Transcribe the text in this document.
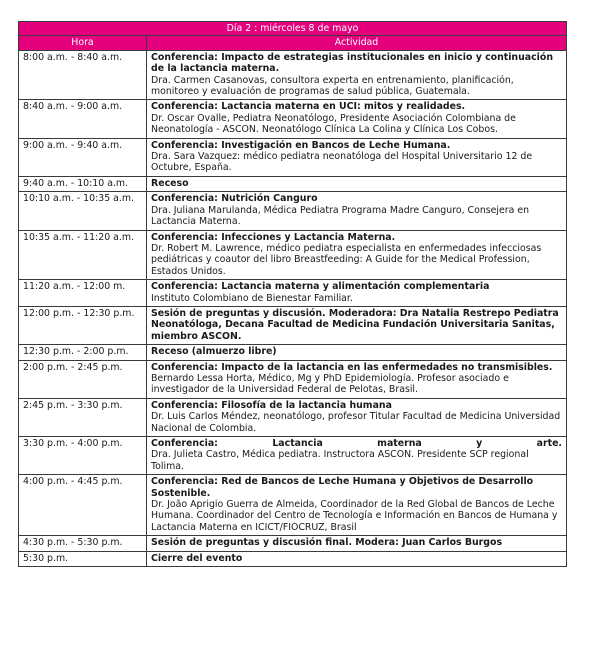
Día 2 : miércoles 8 de mayo	
Hora	Actividad
8:00 a.m. - 8:40 a.m.	Conferencia: Impacto de estrategias institucionales en inicio y continuación de la lactancia materna.
Dra. Carmen Casanovas, consultora experta en entrenamiento, planificación, monitoreo y evaluación de programas de salud pública, Guatemala.

8:40 a.m. - 9:00 a.m.	Conferencia: Lactancia materna en UCI: mitos y realidades.
Dr. Oscar Ovalle, Pediatra Neonatólogo, Presidente Asociación Colombiana de Neonatología - ASCON. Neonatólogo Clínica La Colina y Clínica Los Cobos.

9:00 a.m. - 9:40 a.m.	Conferencia: Investigación en Bancos de Leche Humana.
Dra. Sara Vazquez: médico pediatra neonatóloga del Hospital Universitario 12 de Octubre, España.

9:40 a.m. - 10:10 a.m.	Receso
10:10 a.m. - 10:35 a.m.	Conferencia: Nutrición Canguro
Dra. Juliana Marulanda, Médica Pediatra Programa Madre Canguro, Consejera en Lactancia Materna.

10:35 a.m. - 11:20 a.m.	Conferencia: Infecciones y Lactancia Materna.
Dr. Robert M. Lawrence, médico pediatra especialista en enfermedades infecciosas pediátricas y coautor del libro Breastfeeding: A Guide for the Medical Profession, Estados Unidos.

11:20 a.m. - 12:00 m.	Conferencia: Lactancia materna y alimentación complementaria
Instituto Colombiano de Bienestar Familiar.

12:00 p.m. - 12:30 p.m.	Sesión de preguntas y discusión. Moderadora: Dra Natalia Restrepo Pediatra Neonatóloga, Decana Facultad de Medicina Fundación Universitaria Sanitas, miembro ASCON.
12:30 p.m. - 2:00 p.m.	Receso (almuerzo libre)
2:00 p.m. - 2:45 p.m.	Conferencia: Impacto de la lactancia en las enfermedades no transmisibles.
Bernardo Lessa Horta, Médico, Mg y PhD Epidemiología. Profesor asociado e investigador de la Universidad Federal de Pelotas, Brasil.

2:45 p.m. - 3:30 p.m.	Conferencia: Filosofía de la lactancia humana
Dr. Luis Carlos Méndez, neonatólogo, profesor Titular Facultad de Medicina Universidad Nacional de Colombia.

3:30 p.m. - 4:00 p.m.	Conferencia: Lactancia materna y arte.
Dra. Julieta Castro, Médica pediatra. Instructora ASCON. Presidente SCP regional Tolima.

4:00 p.m. - 4:45 p.m.	Conferencia: Red de Bancos de Leche Humana y Objetivos de Desarrollo Sostenible.
Dr. João Aprigio Guerra de Almeida, Coordinador de la Red Global de Bancos de Leche Humana. Coordinador del Centro de Tecnología e Información en Bancos de Humana y Lactancia Materna en ICICT/FIOCRUZ, Brasil

4:30 p.m. - 5:30 p.m.	Sesión de preguntas y discusión final. Modera: Juan Carlos Burgos
5:30 p.m.	Cierre del evento
